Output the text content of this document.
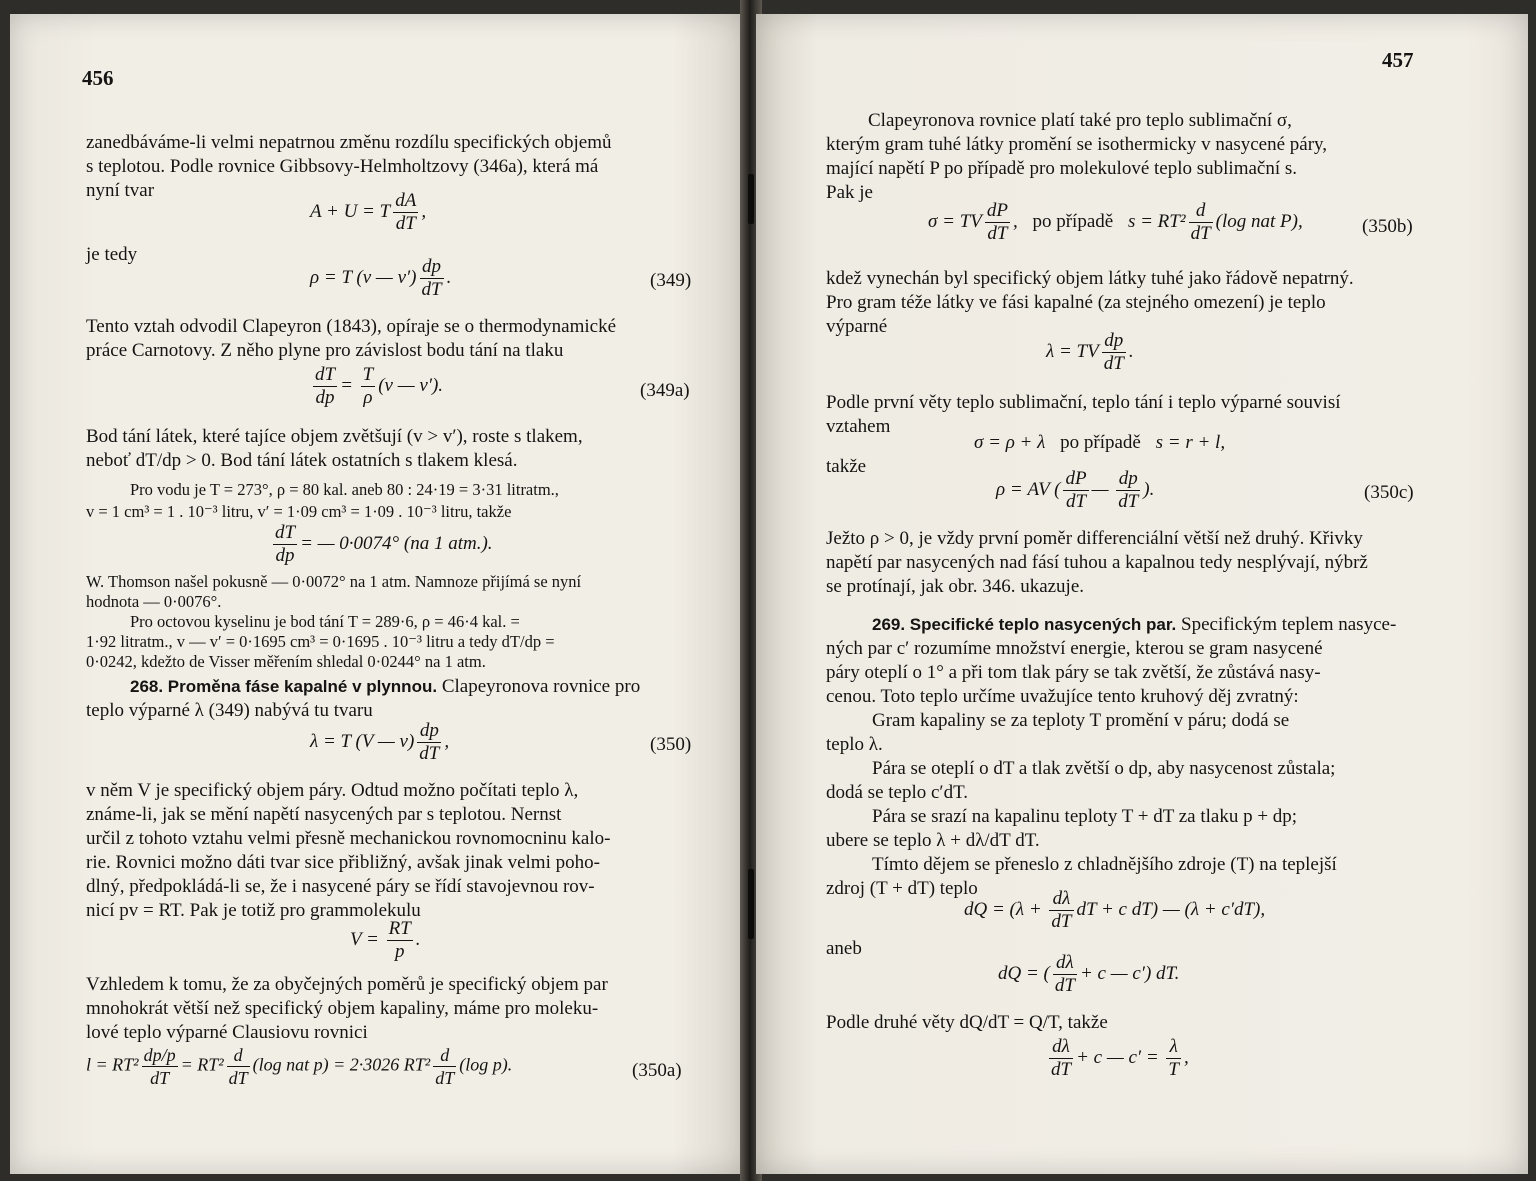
456
zanedbáváme-li velmi nepatrnou změnu rozdílu specifických objemů
s teplotou. Podle rovnice Gibbsovy-Helmholtzovy (346a), která má
nyní tvar
A + U = T $\frac{dA}{dT}$ ,
je tedy
ρ = T (v — $v') \frac{dp}{dT}$ .	(349)
Tento vztah odvodil Clapeyron (1843), opíraje se o thermodynamické
práce Carnotovy. Z něho plyne pro závislost bodu tání na tlaku
$\frac{dT}{dp} = \frac{T}{\rho} (v$ — v′).	(349a)
Bod tání látek, které tajíce objem zvětšují (v > v′), roste s tlakem,
neboť dT/dp > 0. Bod tání látek ostatních s tlakem klesá.
Pro vodu je T = 273°, ρ = 80 kal. aneb 80 : 24·19 = 3·31 litratm.,
v = 1 cm³ = 1 . 10⁻³ litru, v′ = 1·09 cm³ = 1·09 . 10⁻³ litru, takže
$\frac{dT}{dp}$ = — 0·0074° (na 1 atm.).
W. Thomson našel pokusně — 0·0072° na 1 atm. Namnoze přijímá se nyní
hodnota — 0·0076°.
Pro octovou kyselinu je bod tání T = 289·6, ρ = 46·4 kal. =
1·92 litratm., v — v′ = 0·1695 cm³ = 0·1695 . 10⁻³ litru a tedy dT/dp =
0·0242, kdežto de Visser měřením shledal 0·0244° na 1 atm.
268. Proměna fáse kapalné v plynnou. Clapeyronova rovnice pro
teplo výparné λ (349) nabývá tu tvaru
λ = T (V — $v) \frac{dp}{dT}$ ,	(350)
v něm V je specifický objem páry. Odtud možno počítati teplo λ,
známe-li, jak se mění napětí nasycených par s teplotou. Nernst
určil z tohoto vztahu velmi přesně mechanickou rovnomocninu kalo-
rie. Rovnici možno dáti tvar sice přibližný, avšak jinak velmi poho-
dlný, předpokládá-li se, že i nasycené páry se řídí stavojevnou rov-
nicí pv = RT. Pak je totiž pro grammolekulu
$V = \frac{RT}{p}$ .
Vzhledem k tomu, že za obyčejných poměrů je specifický objem par
mnohokrát větší než specifický objem kapaliny, máme pro moleku-
lové teplo výparné Clausiovu rovnici
$l = RT^2 \frac{dp/p}{dT} = RT^2 \frac{d}{dT} (\log$ nat p) = 2·3026 $RT^2 \frac{d}{dT} (\log$ p).	(350a)
457
Clapeyronova rovnice platí také pro teplo sublimační σ,
kterým gram tuhé látky promění se isothermicky v nasycené páry,
mající napětí P po případě pro molekulové teplo sublimační s.
Pak je
σ = TV $\frac{dP}{dT}$ , po případě $s = RT^2 \frac{d}{dT} (\log$ nat P),	(350b)
kdež vynechán byl specifický objem látky tuhé jako řádově nepatrný.
Pro gram téže látky ve fási kapalné (za stejného omezení) je teplo
výparné
λ = TV $\frac{dp}{dT}$ .
Podle první věty teplo sublimační, teplo tání i teplo výparné souvisí
vztahem
σ = ρ + λ po případě s = r + l,
takže
ρ = AV ( $\frac{dP}{dT}$ — $\frac{dp}{dT}$ ).	(350c)
Ježto ρ > 0, je vždy první poměr differenciální větší než druhý. Křivky
napětí par nasycených nad fásí tuhou a kapalnou tedy nesplývají, nýbrž
se protínají, jak obr. 346. ukazuje.
269. Specifické teplo nasycených par. Specifickým teplem nasyce-
ných par c′ rozumíme množství energie, kterou se gram nasycené
páry oteplí o 1° a při tom tlak páry se tak zvětší, že zůstává nasy-
cenou. Toto teplo určíme uvažujíce tento kruhový děj zvratný:
Gram kapaliny se za teploty T promění v páru; dodá se
teplo λ.
Pára se oteplí o dT a tlak zvětší o dp, aby nasycenost zůstala;
dodá se teplo c′dT.
Pára se srazí na kapalinu teploty T + dT za tlaku p + dp;
ubere se teplo λ + dλ/dT dT.
Tímto dějem se přeneslo z chladnějšího zdroje (T) na teplejší
zdroj (T + dT) teplo
dQ = ($\lambda + \frac{d\lambda}{dT}$ dT + c dT) — (λ + c′dT),
aneb
dQ = ( $\frac{d\lambda}{dT} + c$ — c′) dT.
Podle druhé věty dQ/dT = Q/T, takže
$\frac{d\lambda}{dT} + c$ — $c' = \frac{\lambda}{T}$ ,
